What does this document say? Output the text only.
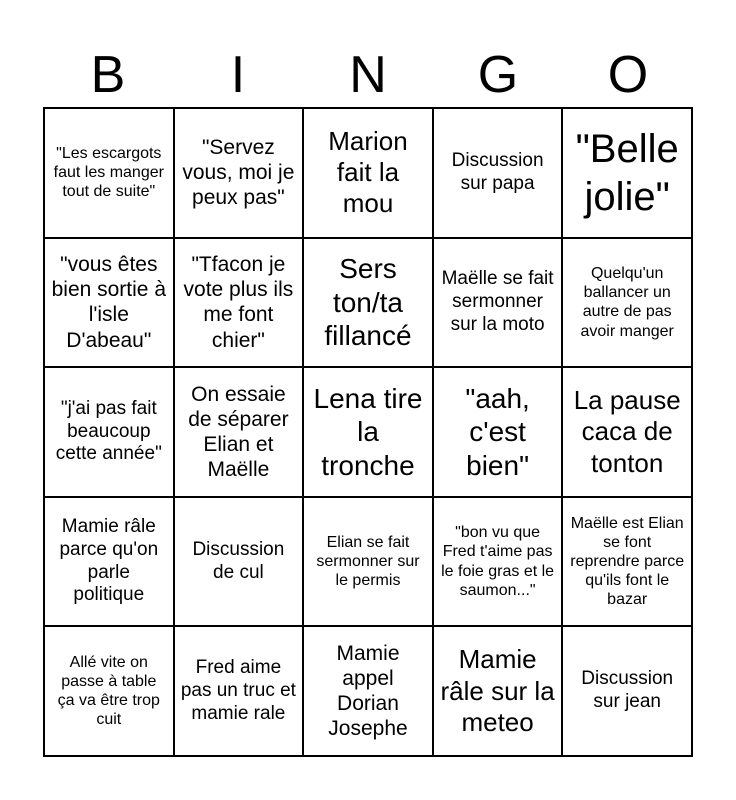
B	I	N	G	O
"Les escargots faut les manger tout de suite"
"Servez vous, moi je peux pas"
Marion fait la mou
Discussion sur papa
"Belle jolie"
"vous êtes bien sortie à l'isle D'abeau"
"Tfacon je vote plus ils me font chier"
Sers ton/ta fillancé
Maëlle se fait sermonner sur la moto
Quelqu'un ballancer un autre de pas avoir manger
"j'ai pas fait beaucoup cette année"
On essaie de séparer Elian et Maëlle
Lena tire la tronche
"aah, c'est bien"
La pause caca de tonton
Mamie râle parce qu'on parle politique
Discussion de cul
Elian se fait sermonner sur le permis
"bon vu que Fred t'aime pas le foie gras et le saumon..."
Maëlle est Elian se font reprendre parce qu'ils font le bazar
Allé vite on passe à table ça va être trop cuit
Fred aime pas un truc et mamie rale
Mamie appel Dorian Josephe
Mamie râle sur la meteo
Discussion sur jean
